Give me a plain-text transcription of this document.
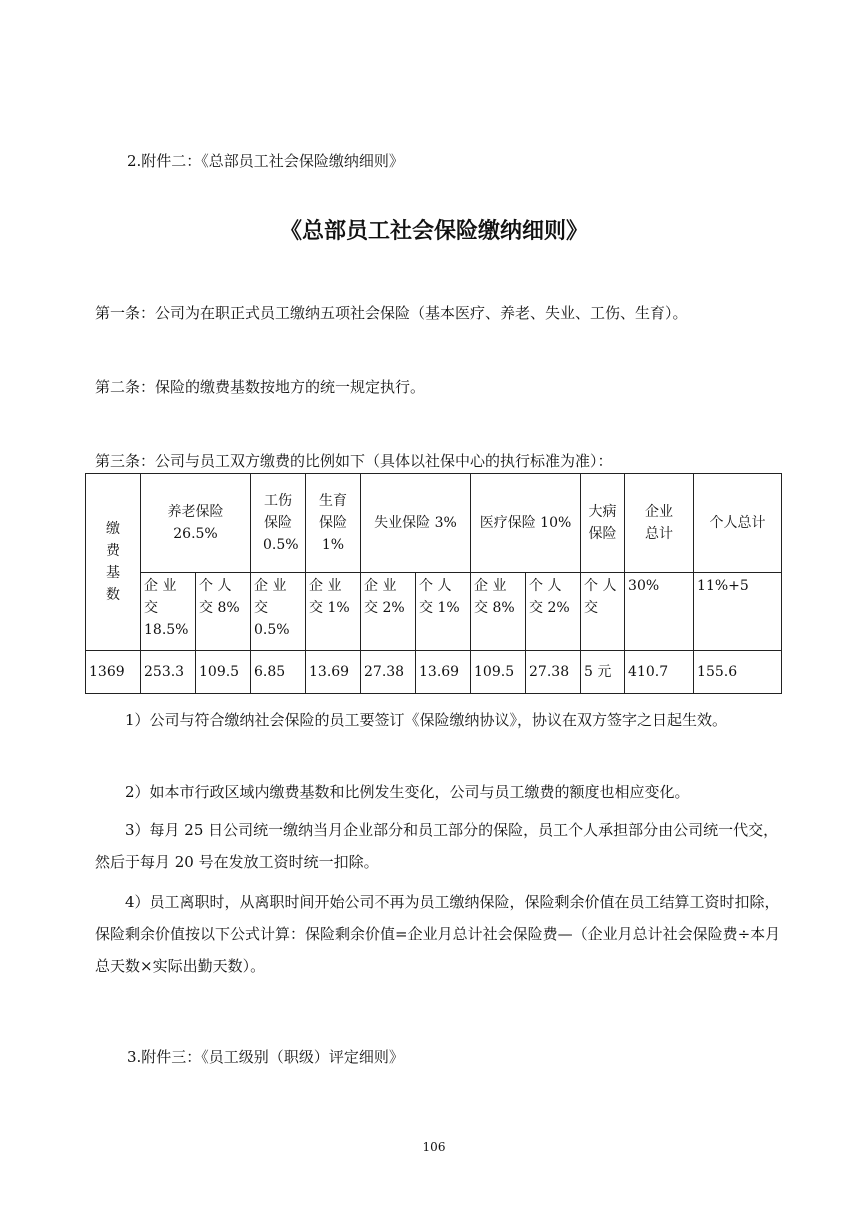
2.附件二：《总部员工社会保险缴纳细则》
《总部员工社会保险缴纳细则》
第一条：公司为在职正式员工缴纳五项社会保险（基本医疗、养老、失业、工伤、生育）。
第二条：保险的缴费基数按地方的统一规定执行。
第三条：公司与员工双方缴费的比例如下（具体以社保中心的执行标准为准）：
缴费基数	养老保险 26.5%		工伤保险 0.5%	生育保险 1%	失业保险 3%		医疗保险 10%		大病保险	企业总计	个人总计

	企 业 交 18.5%	个 人 交 8%	企 业 交 0.5%	企 业 交 1%	企 业 交 2%	个 人 交 1%	企 业 交 8%	个 人 交 2%	个 人 交	30%	11%+5
1369	253.3	109.5	6.85	13.69	27.38	13.69	109.5	27.38	5 元	410.7	155.6
1）公司与符合缴纳社会保险的员工要签订《保险缴纳协议》，协议在双方签字之日起生效。
2）如本市行政区域内缴费基数和比例发生变化，公司与员工缴费的额度也相应变化。
3）每月 25 日公司统一缴纳当月企业部分和员工部分的保险，员工个人承担部分由公司统一代交，然后于每月 20 号在发放工资时统一扣除。
4）员工离职时，从离职时间开始公司不再为员工缴纳保险，保险剩余价值在员工结算工资时扣除，保险剩余价值按以下公式计算：保险剩余价值=企业月总计社会保险费—（企业月总计社会保险费÷本月总天数×实际出勤天数）。
3.附件三：《员工级别（职级）评定细则》
106
